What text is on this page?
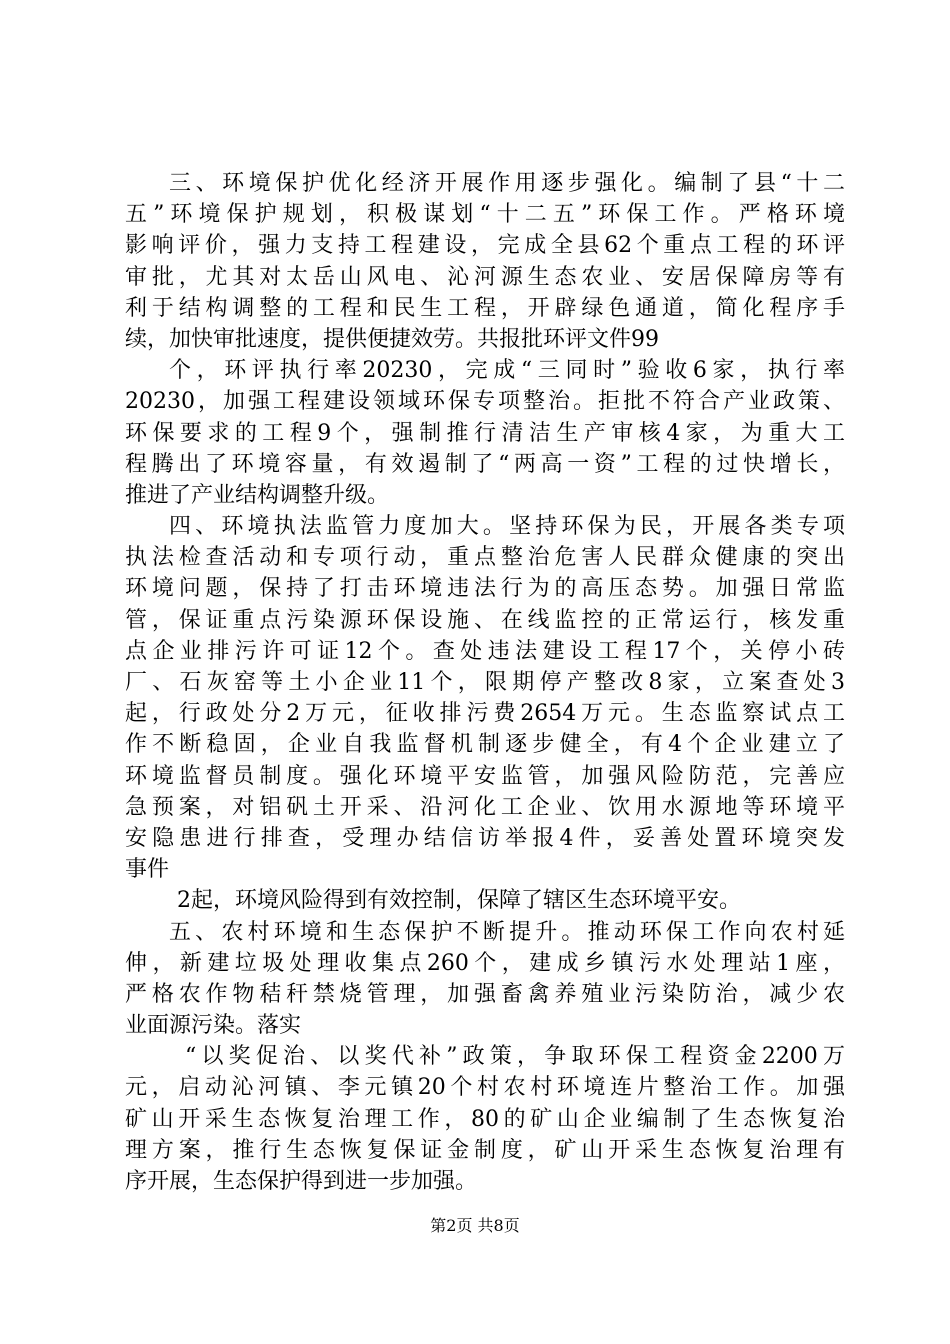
三、环境保护优化经济开展作用逐步强化。编制了县“十二
五”环境保护规划，积极谋划“十二五”环保工作。严格环境
影响评价，强力支持工程建设，完成全县62个重点工程的环评
审批，尤其对太岳山风电、沁河源生态农业、安居保障房等有
利于结构调整的工程和民生工程，开辟绿色通道，简化程序手
续，加快审批速度，提供便捷效劳。共报批环评文件99
个，环评执行率20230，完成“三同时”验收6家，执行率
20230，加强工程建设领域环保专项整治。拒批不符合产业政策、
环保要求的工程9个，强制推行清洁生产审核4家，为重大工
程腾出了环境容量，有效遏制了“两高一资”工程的过快增长，
推进了产业结构调整升级。
四、环境执法监管力度加大。坚持环保为民，开展各类专项
执法检查活动和专项行动，重点整治危害人民群众健康的突出
环境问题，保持了打击环境违法行为的高压态势。加强日常监
管，保证重点污染源环保设施、在线监控的正常运行，核发重
点企业排污许可证12个。查处违法建设工程17个，关停小砖
厂、石灰窑等土小企业11个，限期停产整改8家，立案查处3
起，行政处分2万元，征收排污费2654万元。生态监察试点工
作不断稳固，企业自我监督机制逐步健全，有4个企业建立了
环境监督员制度。强化环境平安监管，加强风险防范，完善应
急预案，对铝矾土开采、沿河化工企业、饮用水源地等环境平
安隐患进行排查，受理办结信访举报4件，妥善处置环境突发
事件
2起，环境风险得到有效控制，保障了辖区生态环境平安。
五、农村环境和生态保护不断提升。推动环保工作向农村延
伸，新建垃圾处理收集点260个，建成乡镇污水处理站1座，
严格农作物秸秆禁烧管理，加强畜禽养殖业污染防治，减少农
业面源污染。落实
“以奖促治、以奖代补”政策，争取环保工程资金2200万
元，启动沁河镇、李元镇20个村农村环境连片整治工作。加强
矿山开采生态恢复治理工作，80的矿山企业编制了生态恢复治
理方案，推行生态恢复保证金制度，矿山开采生态恢复治理有
序开展，生态保护得到进一步加强。
第2页 共8页
